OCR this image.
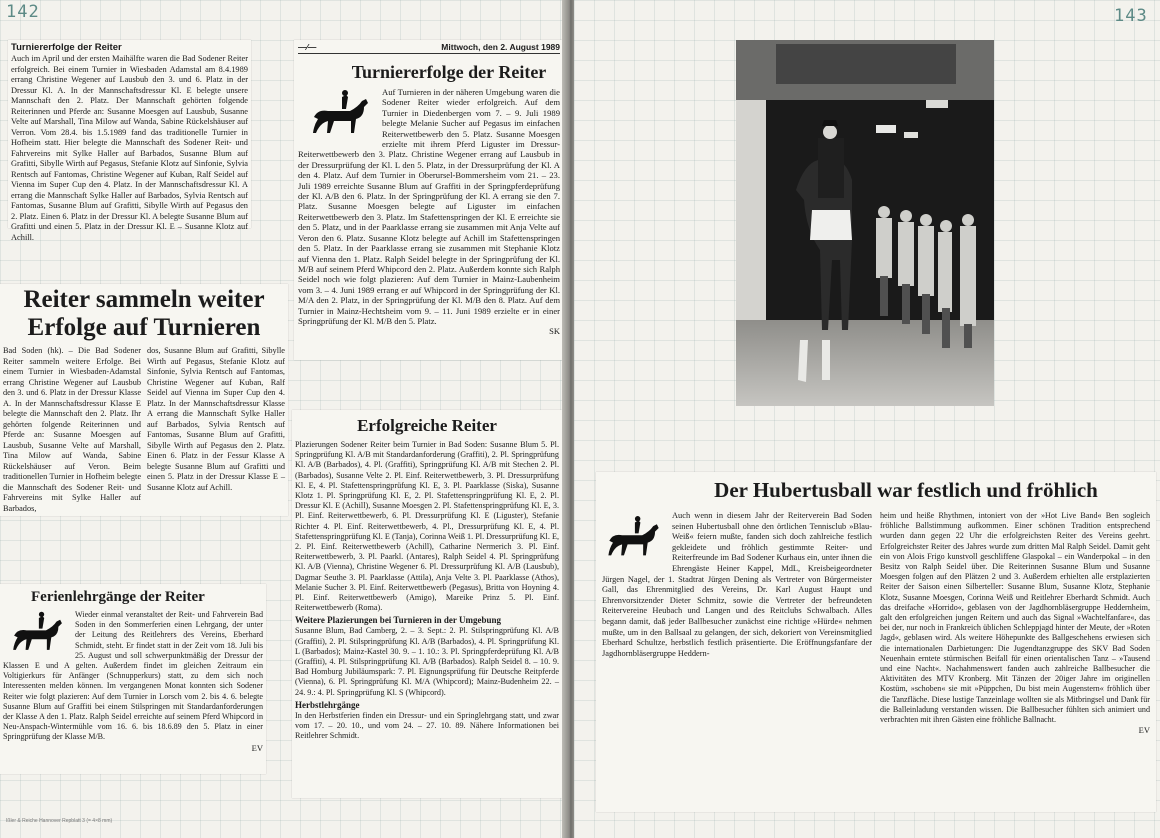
142

Turniererfolge der Reiter

Auch im April und der ersten Maihälfte waren die Bad Sodener Reiter erfolgreich. Bei einem Turnier in Wiesbaden Adamstal am 8.4.1989 errang Christine Wegener auf Lausbub den 3. und 6. Platz in der Dressur Kl. A. In der Mannschaftsdressur Kl. E belegte unsere Mannschaft den 2. Platz. Der Mannschaft gehörten folgende Reiterinnen und Pferde an: Susanne Moesgen auf Lausbub, Susanne Velte auf Marshall, Tina Milow auf Wanda, Sabine Rückelshäuser auf Verron. Vom 28.4. bis 1.5.1989 fand das traditionelle Turnier in Hofheim statt. Hier belegte die Mannschaft des Sodener Reit- und Fahrvereins mit Sylke Haller auf Barbados, Susanne Blum auf Grafitti, Sibylle Wirth auf Pegasus, Stefanie Klotz auf Sinfonie, Sylvia Rentsch auf Fantomas, Christine Wegener auf Kuban, Ralf Seidel auf Vienna im Super Cup den 4. Platz. In der Mannschaftsdressur Kl. A errang die Mannschaft Sylke Haller auf Barbados, Sylvia Rentsch auf Fantomas, Susanne Blum auf Grafitti, Sibylle Wirth auf Pegasus den 2. Platz. Einen 6. Platz in der Dressur Kl. A belegte Susanne Blum auf Grafitti und einen 5. Platz in der Dressur Kl. E – Susanne Klotz auf Achill.

—⁄—	Mittwoch, den 2. August 1989

Turniererfolge der Reiter

Auf Turnieren in der näheren Umgebung waren die Sodener Reiter wieder erfolgreich. Auf dem Turnier in Diedenbergen vom 7. – 9. Juli 1989 belegte Melanie Sucher auf Pegasus im einfachen Reiterwettbewerb den 5. Platz. Susanne Moesgen erzielte mit ihrem Pferd Liguster im Dressur-Reiterwettbewerb den 3. Platz. Christine Wegener errang auf Lausbub in der Dressurprüfung der Kl. L den 5. Platz, in der Dressurprüfung der Kl. A den 4. Platz. Auf dem Turnier in Oberursel-Bommersheim vom 21. – 23. Juli 1989 erreichte Susanne Blum auf Graffiti in der Springpferdeprüfung der Kl. A/B den 6. Platz. In der Springprüfung der Kl. A errang sie den 7. Platz. Susanne Moesgen belegte auf Liguster im einfachen Reiterwettbewerb den 3. Platz. Im Stafettenspringen der Kl. E erreichte sie den 5. Platz, und in der Paarklasse errang sie zusammen mit Anja Velte auf Veron den 6. Platz. Susanne Klotz belegte auf Achill im Stafettenspringen den 5. Platz. In der Paarklasse errang sie zusammen mit Stephanie Klotz auf Vienna den 1. Platz. Ralph Seidel belegte in der Springprüfung der Kl. M/B auf seinem Pferd Whipcord den 2. Platz. Außerdem konnte sich Ralph Seidel noch wie folgt plazieren: Auf dem Turnier in Mainz-Laubenheim vom 3. – 4. Juni 1989 errang er auf Whipcord in der Springprüfung der Kl. M/A den 2. Platz, in der Springprüfung der Kl. M/B den 8. Platz. Auf dem Turnier in Mainz-Hechtsheim vom 9. – 11. Juni 1989 erzielte er in einer Springprüfung der Kl. M/B den 5. Platz.

SK

Reiter sammeln weiter

Erfolge auf Turnieren

Bad Soden (hk). – Die Bad Sodener Reiter sammeln weitere Erfolge. Bei einem Turnier in Wiesbaden-Adamstal errang Christine Wegener auf Lausbub den 3. und 6. Platz in der Dressur Klasse A. In der Mannschaftsdressur Klasse E belegte die Mannschaft den 2. Platz. Ihr gehörten folgende Reiterinnen und Pferde an: Susanne Moesgen auf Lausbub, Susanne Velte auf Marshall, Tina Milow auf Wanda, Sabine Rückelshäuser auf Veron. Beim traditionellen Turnier in Hofheim belegte die Mannschaft des Sodener Reit- und Fahrvereins mit Sylke Haller auf Barbados,

dos, Susanne Blum auf Grafitti, Sibylle Wirth auf Pegasus, Stefanie Klotz auf Sinfonie, Sylvia Rentsch auf Fantomas, Christine Wegener auf Kuban, Ralf Seidel auf Vienna im Super Cup den 4. Platz. In der Mannschaftsdressur Klasse A errang die Mannschaft Sylke Haller auf Barbados, Sylvia Rentsch auf Fantomas, Susanne Blum auf Grafitti, Sibylle Wirth auf Pegasus den 2. Platz. Einen 6. Platz in der Fessur Klasse A belegte Susanne Blum auf Grafitti und einen 5. Platz in der Dressur Klasse E – Susanne Klotz auf Achill.

Erfolgreiche Reiter

Plazierungen Sodener Reiter beim Turnier in Bad Soden: Susanne Blum 5. Pl. Springprüfung Kl. A/B mit Standardanforderung (Graffiti), 2. Pl. Springprüfung Kl. A/B (Barbados), 4. Pl. (Graffiti), Springprüfung Kl. A/B mit Stechen 2. Pl. (Barbados), Susanne Velte 2. Pl. Einf. Reiterwettbewerb, 3. Pl. Dressurprüfung Kl. E, 4. Pl. Stafettenspringprüfung Kl. E, 3. Pl. Paarklasse (Siska), Susanne Klotz 1. Pl. Springprüfung Kl. E, 2. Pl. Stafettenspringprüfung Kl. E, 2. Pl. Dressur Kl. E (Achill), Susanne Moesgen 2. Pl. Stafettenspringprüfung Kl. E, 3. Pl. Einf. Reiterwettbewerb, 6. Pl. Dressurprüfung Kl. E (Liguster), Stefanie Richter 4. Pl. Einf. Reiterwettbewerb, 4. Pl., Dressurprüfung Kl. E, 4. Pl. Stafettenspringprüfung Kl. E (Tanja), Corinna Weiß 1. Pl. Dressurprüfung Kl. E, 2. Pl. Einf. Reiterwettbewerb (Achill), Catharine Nermerich 3. Pl. Einf. Reiterwettbewerb, 3. Pl. Paarkl. (Antares), Ralph Seidel 4. Pl. Springprüfung Kl. A/B (Vienna), Christine Wegener 6. Pl. Dressurprüfung Kl. A/B (Lausbub), Dagmar Seuthe 3. Pl. Paarklasse (Attila), Anja Velte 3. Pl. Paarklasse (Athos), Melanie Sucher 3. Pl. Einf. Reiterwettbewerb (Pegasus), Britta von Hoyning 4. Pl. Einf. Reiterwettbewerb (Amigo), Mareike Prinz 5. Pl. Einf. Reiterwettbewerb (Roma).

Weitere Plazierungen bei Turnieren in der Umgebung

Susanne Blum, Bad Camberg, 2. – 3. Sept.: 2. Pl. Stilspringprüfung Kl. A/B (Graffiti), 2. Pl. Stilspringprüfung Kl. A/B (Barbados), 4. Pl. Springprüfung Kl. L (Barbados); Mainz-Kastel 30. 9. – 1. 10.: 3. Pl. Springpferdeprüfung Kl. A/B (Graffiti), 4. Pl. Stilspringprüfung Kl. A/B (Barbados). Ralph Seidel 8. – 10. 9. Bad Homburg Jubiläumspark: 7. Pl. Eignungsprüfung für Deutsche Reitpferde (Vienna), 6. Pl. Springprüfung Kl. M/A (Whipcord); Mainz-Budenheim 22. – 24. 9.: 4. Pl. Springprüfung Kl. S (Whipcord).

Herbstlehrgänge

In den Herbstferien finden ein Dressur- und ein Springlehrgang statt, und zwar vom 17. – 20. 10., und vom 24. – 27. 10. 89. Nähere Informationen bei Reitlehrer Schmidt.

Ferienlehrgänge der Reiter

Wieder einmal veranstaltet der Reit- und Fahrverein Bad Soden in den Sommerferien einen Lehrgang, der unter der Leitung des Reitlehrers des Vereins, Eberhard Schmidt, steht. Er findet statt in der Zeit vom 18. Juli bis 25. August und soll schwerpunktmäßig der Dressur der Klassen E und A gelten. Außerdem findet im gleichen Zeitraum ein Voltigierkurs für Anfänger (Schnupperkurs) statt, zu dem sich noch Interessenten melden können. Im vergangenen Monat konnten sich Sodener Reiter wie folgt plazieren: Auf dem Turnier in Lorsch vom 2. bis 4. 6. belegte Susanne Blum auf Graffiti bei einem Stilspringen mit Standardanforderungen der Klasse A den 1. Platz. Ralph Seidel erreichte auf seinem Pferd Whipcord in Neu-Anspach-Wintermühle vom 16. 6. bis 18.6.89 den 5. Platz in einer Springprüfung der Klasse M/B.

EV
Ißler & Reiche Hannover Repblatt 3 (= 4×8 mm)
143

Der Hubertusball war festlich und fröhlich

Auch wenn in diesem Jahr der Reiterverein Bad Soden seinen Hubertusball ohne den örtlichen Tennisclub »Blau-Weiß« feiern mußte, fanden sich doch zahlreiche festlich gekleidete und fröhlich gestimmte Reiter- und Reiterfreunde im Bad Sodener Kurhaus ein, unter ihnen die Ehrengäste Heiner Kappel, MdL, Kreisbeigeordneter Jürgen Nagel, der 1. Stadtrat Jürgen Dening als Vertreter von Bürgermeister Gall, das Ehrenmitglied des Vereins, Dr. Karl August Haupt und Ehrenvorsitzender Dieter Schmitz, sowie die Vertreter der befreundeten Reitervereine Heubach und Langen und des Reitclubs Schwalbach. Alles begann damit, daß jeder Ballbesucher zunächst eine richtige »Hürde« nehmen mußte, um in den Ballsaal zu gelangen, der sich, dekoriert von Vereinsmitglied Eberhard Schultze, herbstlich festlich präsentierte. Die Eröffnungsfanfare der Jagdhornbläsergruppe Heddern-

heim und heiße Rhythmen, intoniert von der »Hot Live Band« Ben sogleich fröhliche Ballstimmung aufkommen. Einer schönen Tradition entsprechend wurden dann gegen 22 Uhr die erfolgreichsten Reiter des Vereins geehrt. Erfolgreichster Reiter des Jahres wurde zum dritten Mal Ralph Seidel. Damit geht ein von Alois Frigo kunstvoll geschliffene Glaspokal – ein Wanderpokal – in den Besitz von Ralph Seidel über. Die Reiterinnen Susanne Blum und Susanne Moesgen folgen auf den Plätzen 2 und 3. Außerdem erhielten alle erstplazierten Reiter der Saison einen Silberteller: Susanne Blum, Susanne Klotz, Stephanie Klotz, Susanne Moesgen, Corinna Weiß und Reitlehrer Eberhardt Schmidt. Auch das dreifache »Horrido«, geblasen von der Jagdhornbläsergruppe Heddernheim, galt den erfolgreichen jungen Reitern und auch das Signal »Wachtelfanfare«, das bei der, nur noch in Frankreich üblichen Schleppjagd hinter der Meute, der »Roten Jagd«, geblasen wird. Als weitere Höhepunkte des Ballgeschehens erwiesen sich die internationalen Darbietungen: Die Jugendtanzgruppe des SKV Bad Soden Neuenhain erntete stürmischen Beifall für einen orientalischen Tanz – »Tausend und eine Nacht«. Nachahmenswert fanden auch zahlreiche Ballbesucher die Aktivitäten des MTV Kronberg. Mit Tänzen der 20iger Jahre im originellen Kostüm, »schoben« sie mit »Püppchen, Du bist mein Augenstern« fröhlich über die Tanzfläche. Diese lustige Tanzeinlage wollten sie als Mitbringsel und Dank für die Balleinladung verstanden wissen. Die Ballbesucher fühlten sich animiert und verbrachten mit ihren Gästen eine fröhliche Ballnacht.

EV
